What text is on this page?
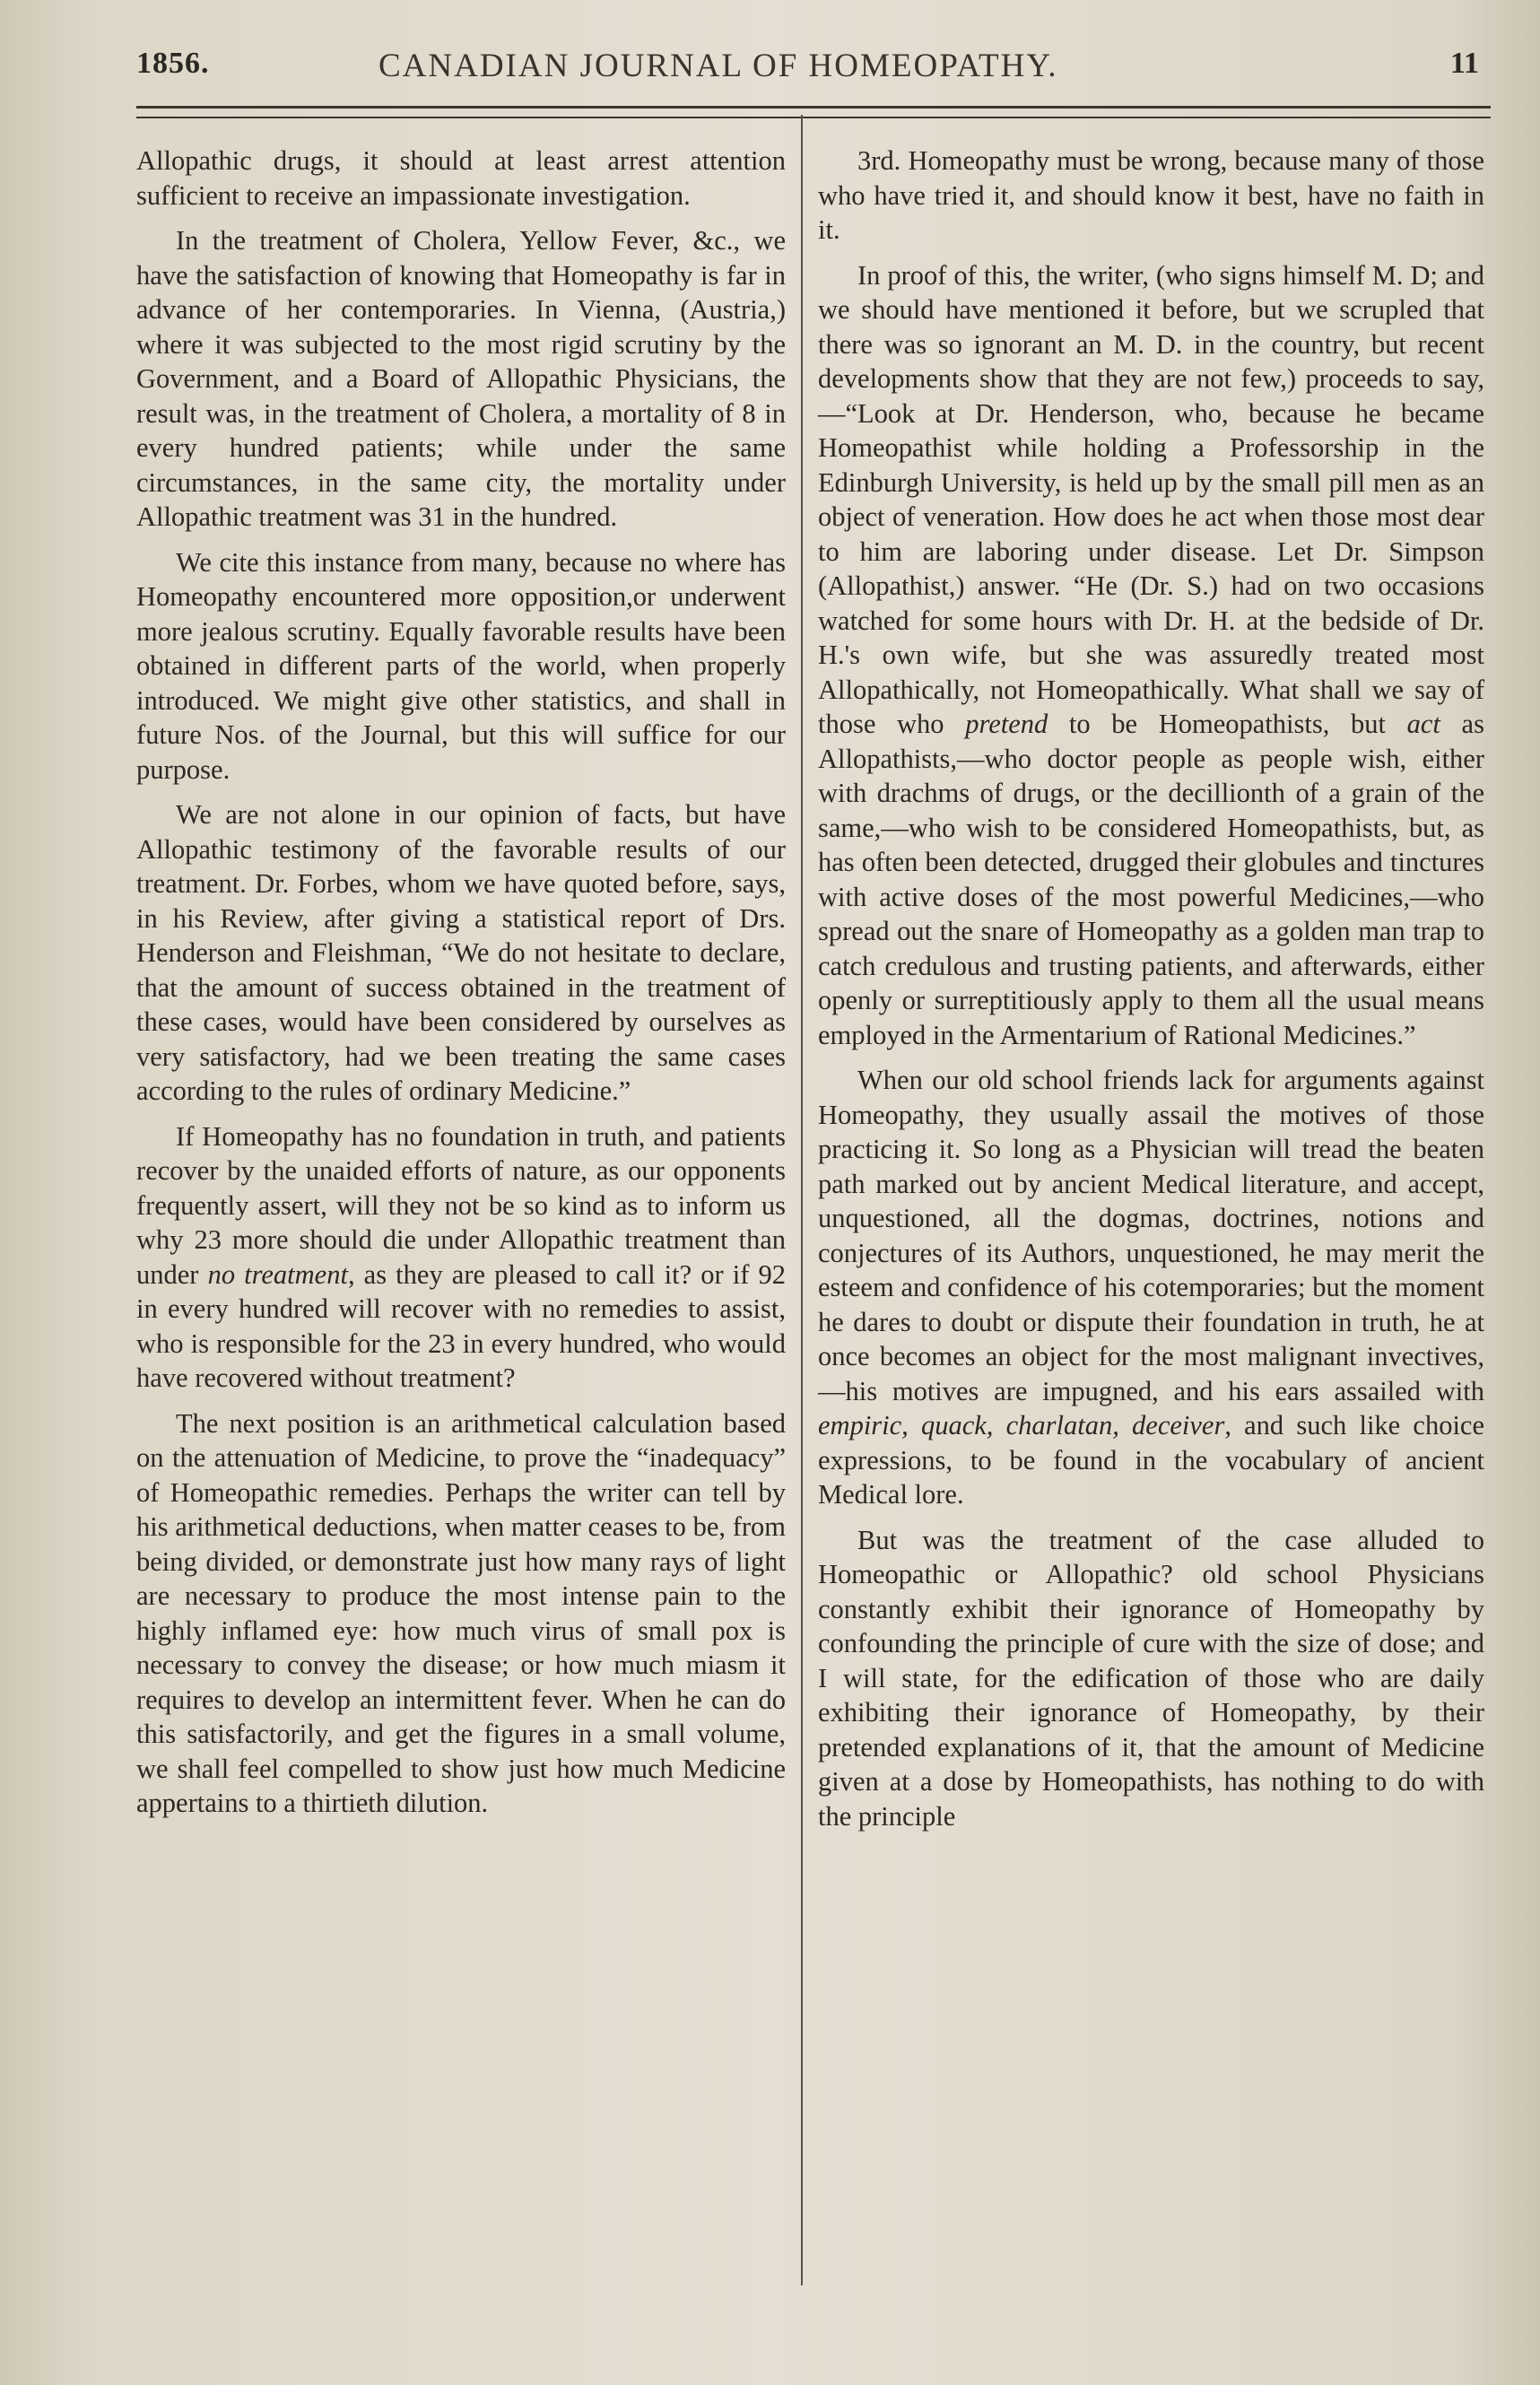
1856.	CANADIAN JOURNAL OF HOMEOPATHY.	11

Allopathic drugs, it should at least arrest attention sufficient to receive an impassionate investigation.

In the treatment of Cholera, Yellow Fever, &c., we have the satisfaction of knowing that Homeopathy is far in advance of her contemporaries. In Vienna, (Austria,) where it was subjected to the most rigid scrutiny by the Government, and a Board of Allopathic Physicians, the result was, in the treatment of Cholera, a mortality of 8 in every hundred patients; while under the same circumstances, in the same city, the mortality under Allopathic treatment was 31 in the hundred.

We cite this instance from many, because no where has Homeopathy encountered more opposition,or underwent more jealous scrutiny. Equally favorable results have been obtained in different parts of the world, when properly introduced. We might give other statistics, and shall in future Nos. of the Journal, but this will suffice for our purpose.

We are not alone in our opinion of facts, but have Allopathic testimony of the favorable results of our treatment. Dr. Forbes, whom we have quoted before, says, in his Review, after giving a statistical report of Drs. Henderson and Fleishman, “We do not hesitate to declare, that the amount of success obtained in the treatment of these cases, would have been considered by ourselves as very satisfactory, had we been treating the same cases according to the rules of ordinary Medicine.”

If Homeopathy has no foundation in truth, and patients recover by the unaided efforts of nature, as our opponents frequently assert, will they not be so kind as to inform us why 23 more should die under Allopathic treatment than under no treatment, as they are pleased to call it? or if 92 in every hundred will recover with no remedies to assist, who is responsible for the 23 in every hundred, who would have recovered without treatment?

The next position is an arithmetical calculation based on the attenuation of Medicine, to prove the “inadequacy” of Homeopathic remedies. Perhaps the writer can tell by his arithmetical deductions, when matter ceases to be, from being divided, or demonstrate just how many rays of light are necessary to produce the most intense pain to the highly inflamed eye: how much virus of small pox is necessary to convey the disease; or how much miasm it requires to develop an intermittent fever. When he can do this satisfactorily, and get the figures in a small volume, we shall feel compelled to show just how much Medicine appertains to a thirtieth dilution.

3rd. Homeopathy must be wrong, because many of those who have tried it, and should know it best, have no faith in it.

In proof of this, the writer, (who signs himself M. D; and we should have mentioned it before, but we scrupled that there was so ignorant an M. D. in the country, but recent developments show that they are not few,) proceeds to say,—“Look at Dr. Henderson, who, because he became Homeopathist while holding a Professorship in the Edinburgh University, is held up by the small pill men as an object of veneration. How does he act when those most dear to him are laboring under disease. Let Dr. Simpson (Allopathist,) answer. “He (Dr. S.) had on two occasions watched for some hours with Dr. H. at the bedside of Dr. H.'s own wife, but she was assuredly treated most Allopathically, not Homeopathically. What shall we say of those who pretend to be Homeopathists, but act as Allopathists,—who doctor people as people wish, either with drachms of drugs, or the decillionth of a grain of the same,—who wish to be considered Homeopathists, but, as has often been detected, drugged their globules and tinctures with active doses of the most powerful Medicines,—who spread out the snare of Homeopathy as a golden man trap to catch credulous and trusting patients, and afterwards, either openly or surreptitiously apply to them all the usual means employed in the Armentarium of Rational Medicines.”

When our old school friends lack for arguments against Homeopathy, they usually assail the motives of those practicing it. So long as a Physician will tread the beaten path marked out by ancient Medical literature, and accept, unquestioned, all the dogmas, doctrines, notions and conjectures of its Authors, unquestioned, he may merit the esteem and confidence of his cotemporaries; but the moment he dares to doubt or dispute their foundation in truth, he at once becomes an object for the most malignant invectives,—his motives are impugned, and his ears assailed with empiric, quack, charlatan, deceiver, and such like choice expressions, to be found in the vocabulary of ancient Medical lore.

But was the treatment of the case alluded to Homeopathic or Allopathic? old school Physicians constantly exhibit their ignorance of Homeopathy by confounding the principle of cure with the size of dose; and I will state, for the edification of those who are daily exhibiting their ignorance of Homeopathy, by their pretended explanations of it, that the amount of Medicine given at a dose by Homeopathists, has nothing to do with the principle
